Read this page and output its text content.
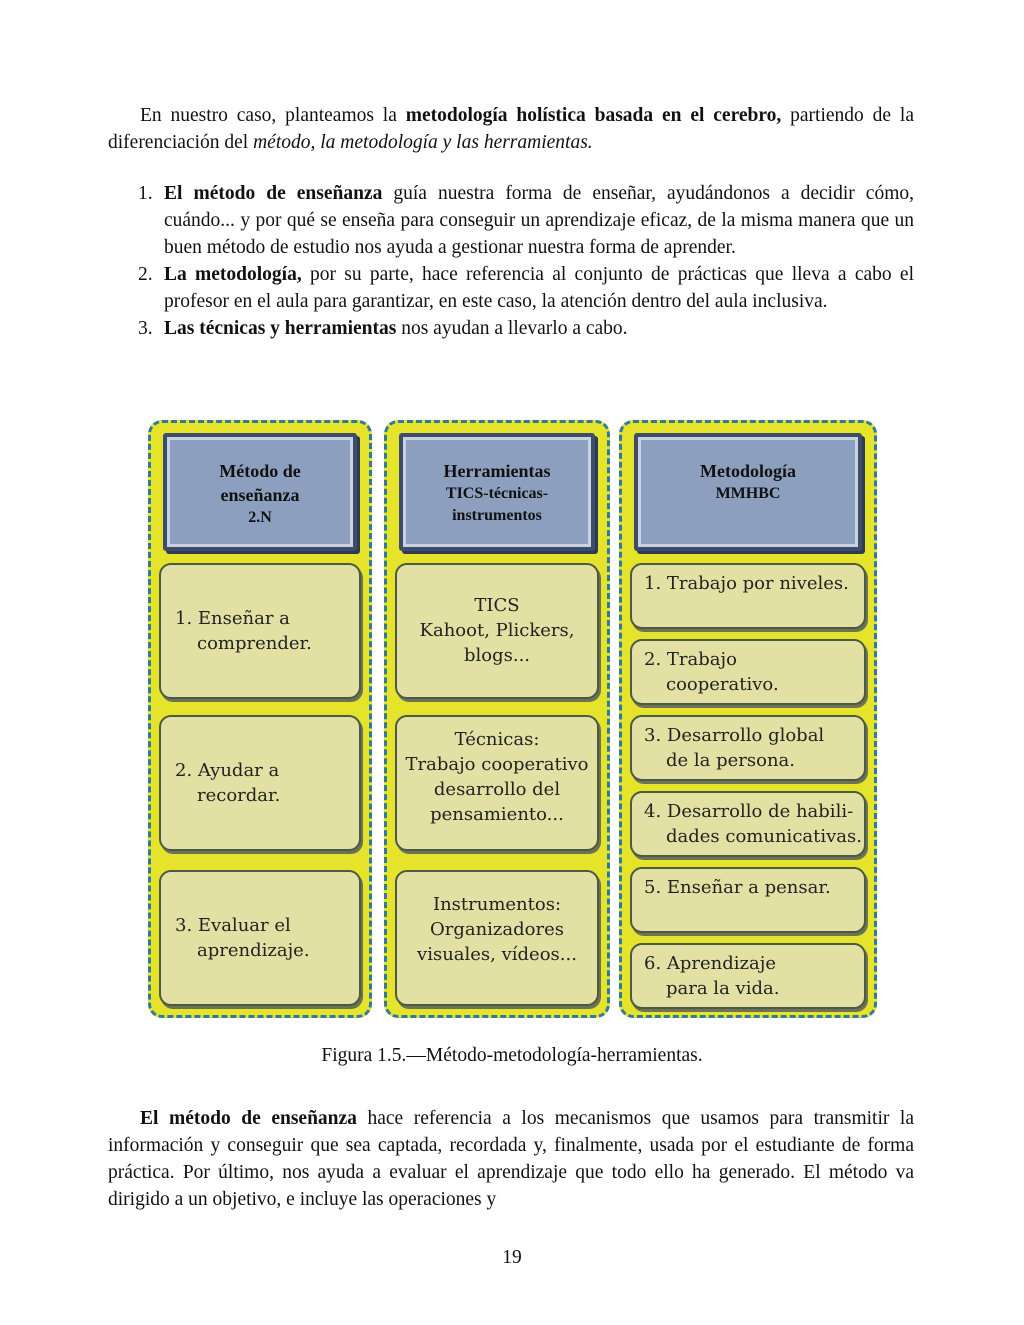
En nuestro caso, planteamos la metodología holística basada en el cerebro, partiendo de la diferenciación del método, la metodología y las herramientas.
1. El método de enseñanza guía nuestra forma de enseñar, ayudándonos a decidir cómo, cuándo... y por qué se enseña para conseguir un aprendizaje eficaz, de la misma manera que un buen método de estudio nos ayuda a gestionar nuestra forma de aprender.
2. La metodología, por su parte, hace referencia al conjunto de prácticas que lleva a cabo el profesor en el aula para garantizar, en este caso, la atención dentro del aula inclusiva.
3. Las técnicas y herramientas nos ayudan a llevarlo a cabo.
Método de
enseñanza
2.N
1. Enseñar a
comprender.
2. Ayudar a
recordar.
3. Evaluar el
aprendizaje.
Herramientas
TICS-técnicas-
instrumentos
TICS
Kahoot, Plickers,
blogs...
Técnicas:
Trabajo cooperativo
desarrollo del
pensamiento...
Instrumentos:
Organizadores
visuales, vídeos...
Metodología
MMHBC
1. Trabajo por niveles.
2. Trabajo
cooperativo.
3. Desarrollo global
de la persona.
4. Desarrollo de habili-
dades comunicativas.
5. Enseñar a pensar.
6. Aprendizaje
para la vida.
Figura 1.5.—Método-metodología-herramientas.
El método de enseñanza hace referencia a los mecanismos que usamos para transmitir la información y conseguir que sea captada, recordada y, finalmente, usada por el estudiante de forma práctica. Por último, nos ayuda a evaluar el aprendizaje que todo ello ha generado. El método va dirigido a un objetivo, e incluye las operaciones y
19
